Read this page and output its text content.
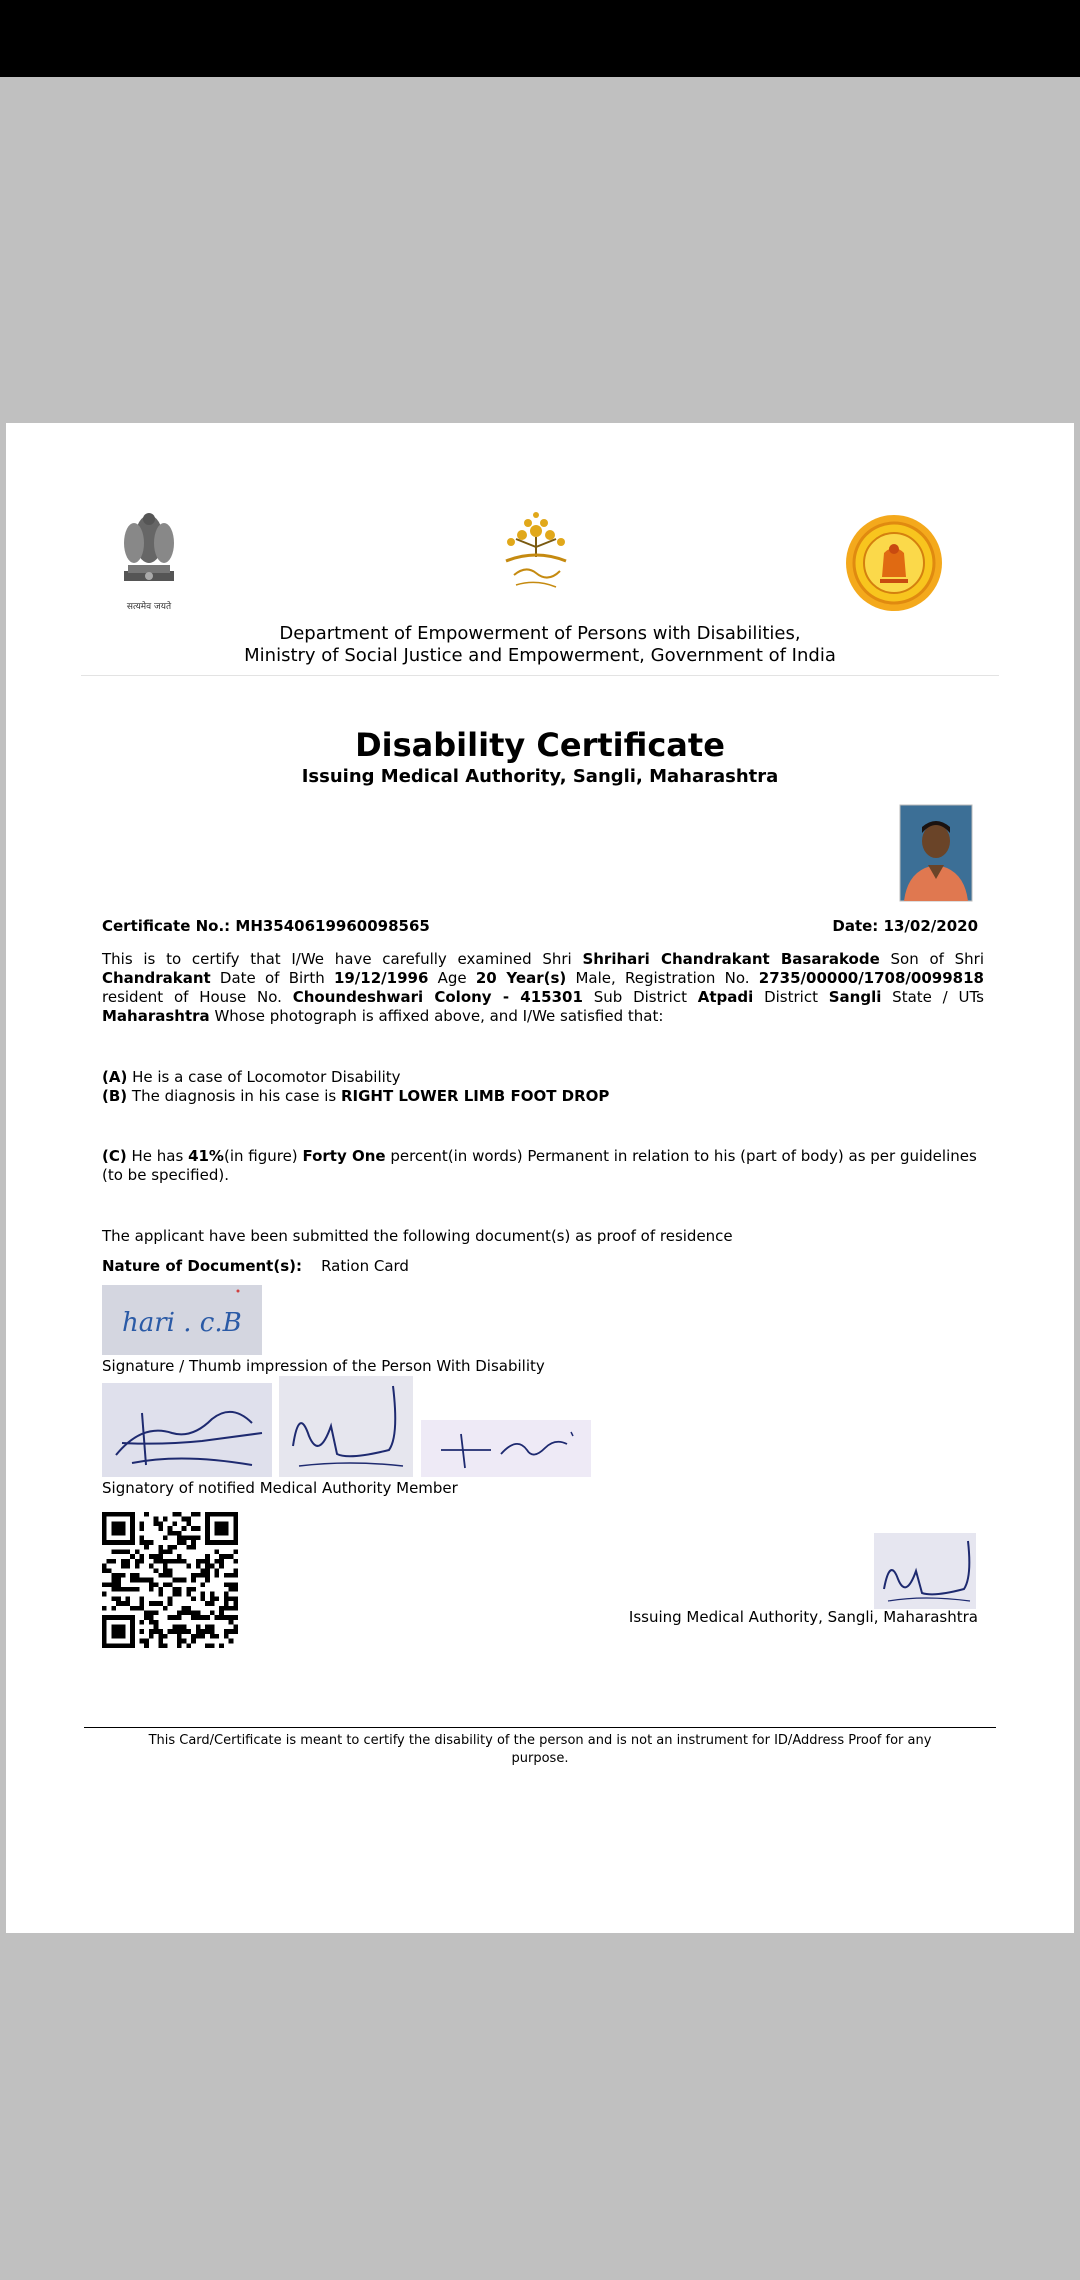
सत्यमेव जयते
Department of Empowerment of Persons with Disabilities,
Ministry of Social Justice and Empowerment, Government of India
Disability Certificate
Issuing Medical Authority, Sangli, Maharashtra
Certificate No.: MH3540619960098565	Date: 13/02/2020
This is to certify that I/We have carefully examined Shri Shrihari Chandrakant Basarakode Son of Shri Chandrakant Date of Birth 19/12/1996 Age 20 Year(s) Male, Registration No. 2735/00000/1708/0099818 resident of House No. Choundeshwari Colony - 415301 Sub District Atpadi District Sangli State / UTs Maharashtra Whose photograph is affixed above, and I/We satisfied that:
(A) He is a case of Locomotor Disability
(B) The diagnosis in his case is RIGHT LOWER LIMB FOOT DROP
(C) He has 41%(in figure) Forty One percent(in words) Permanent in relation to his (part of body) as per guidelines (to be specified).
The applicant have been submitted the following document(s) as proof of residence
Nature of Document(s): Ration Card
hari . c.B
Signature / Thumb impression of the Person With Disability
Signatory of notified Medical Authority Member
Issuing Medical Authority, Sangli, Maharashtra
This Card/Certificate is meant to certify the disability of the person and is not an instrument for ID/Address Proof for any purpose.
